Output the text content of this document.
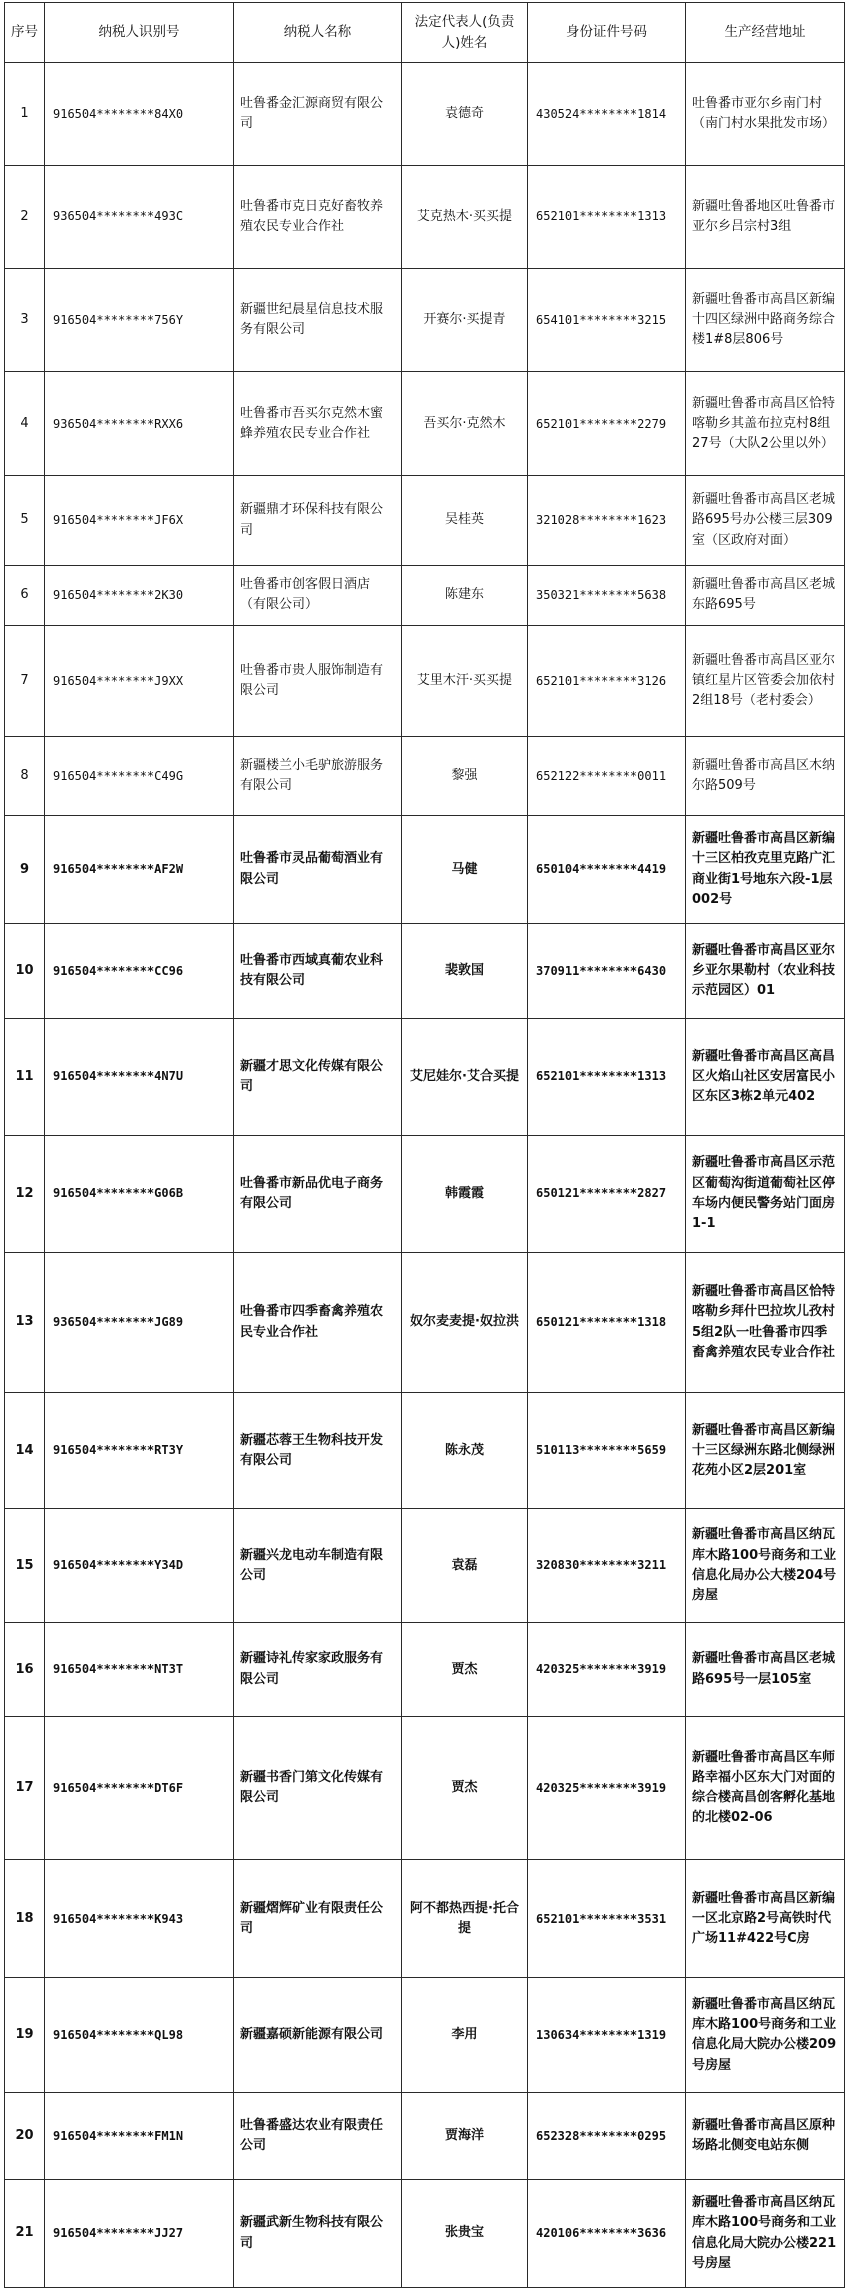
序号	纳税人识别号	纳税人名称	法定代表人(负责人)姓名	身份证件号码	生产经营地址
1	916504********84X0	吐鲁番金汇源商贸有限公司	袁德奇	430524********1814	吐鲁番市亚尔乡南门村（南门村水果批发市场）
2	936504********493C	吐鲁番市克日克好畜牧养殖农民专业合作社	艾克热木·买买提	652101********1313	新疆吐鲁番地区吐鲁番市亚尔乡吕宗村3组
3	916504********756Y	新疆世纪晨星信息技术服务有限公司	开赛尔·买提青	654101********3215	新疆吐鲁番市高昌区新编十四区绿洲中路商务综合楼1#8层806号
4	936504********RXX6	吐鲁番市吾买尔克然木蜜蜂养殖农民专业合作社	吾买尔·克然木	652101********2279	新疆吐鲁番市高昌区恰特喀勒乡其盖布拉克村8组27号（大队2公里以外）
5	916504********JF6X	新疆鼎才环保科技有限公司	吴桂英	321028********1623	新疆吐鲁番市高昌区老城路695号办公楼三层309室（区政府对面）
6	916504********2K30	吐鲁番市创客假日酒店（有限公司）	陈建东	350321********5638	新疆吐鲁番市高昌区老城东路695号
7	916504********J9XX	吐鲁番市贵人服饰制造有限公司	艾里木汗·买买提	652101********3126	新疆吐鲁番市高昌区亚尔镇红星片区管委会加依村2组18号（老村委会）
8	916504********C49G	新疆楼兰小毛驴旅游服务有限公司	黎强	652122********0011	新疆吐鲁番市高昌区木纳尔路509号
9	916504********AF2W	吐鲁番市灵品葡萄酒业有限公司	马健	650104********4419	新疆吐鲁番市高昌区新编十三区柏孜克里克路广汇商业街1号地东六段-1层002号
10	916504********CC96	吐鲁番市西域真葡农业科技有限公司	裴敦国	370911********6430	新疆吐鲁番市高昌区亚尔乡亚尔果勒村（农业科技示范园区）01
11	916504********4N7U	新疆才思文化传媒有限公司	艾尼娃尔·艾合买提	652101********1313	新疆吐鲁番市高昌区高昌区火焰山社区安居富民小区东区3栋2单元402
12	916504********G06B	吐鲁番市新品优电子商务有限公司	韩霞霞	650121********2827	新疆吐鲁番市高昌区示范区葡萄沟街道葡萄社区停车场内便民警务站门面房1-1
13	936504********JG89	吐鲁番市四季畜禽养殖农民专业合作社	奴尔麦麦提·奴拉洪	650121********1318	新疆吐鲁番市高昌区恰特喀勒乡拜什巴拉坎儿孜村5组2队一吐鲁番市四季畜禽养殖农民专业合作社
14	916504********RT3Y	新疆芯蓉王生物科技开发有限公司	陈永茂	510113********5659	新疆吐鲁番市高昌区新编十三区绿洲东路北侧绿洲花苑小区2层201室
15	916504********Y34D	新疆兴龙电动车制造有限公司	袁磊	320830********3211	新疆吐鲁番市高昌区纳瓦库木路100号商务和工业信息化局办公大楼204号房屋
16	916504********NT3T	新疆诗礼传家家政服务有限公司	贾杰	420325********3919	新疆吐鲁番市高昌区老城路695号一层105室
17	916504********DT6F	新疆书香门第文化传媒有限公司	贾杰	420325********3919	新疆吐鲁番市高昌区车师路幸福小区东大门对面的综合楼高昌创客孵化基地的北楼02-06
18	916504********K943	新疆熠辉矿业有限责任公司	阿不都热西提·托合提	652101********3531	新疆吐鲁番市高昌区新编一区北京路2号高铁时代广场11#422号C房
19	916504********QL98	新疆嘉硕新能源有限公司	李用	130634********1319	新疆吐鲁番市高昌区纳瓦库木路100号商务和工业信息化局大院办公楼209号房屋
20	916504********FM1N	吐鲁番盛达农业有限责任公司	贾海洋	652328********0295	新疆吐鲁番市高昌区原种场路北侧变电站东侧
21	916504********JJ27	新疆武新生物科技有限公司	张贵宝	420106********3636	新疆吐鲁番市高昌区纳瓦库木路100号商务和工业信息化局大院办公楼221号房屋
